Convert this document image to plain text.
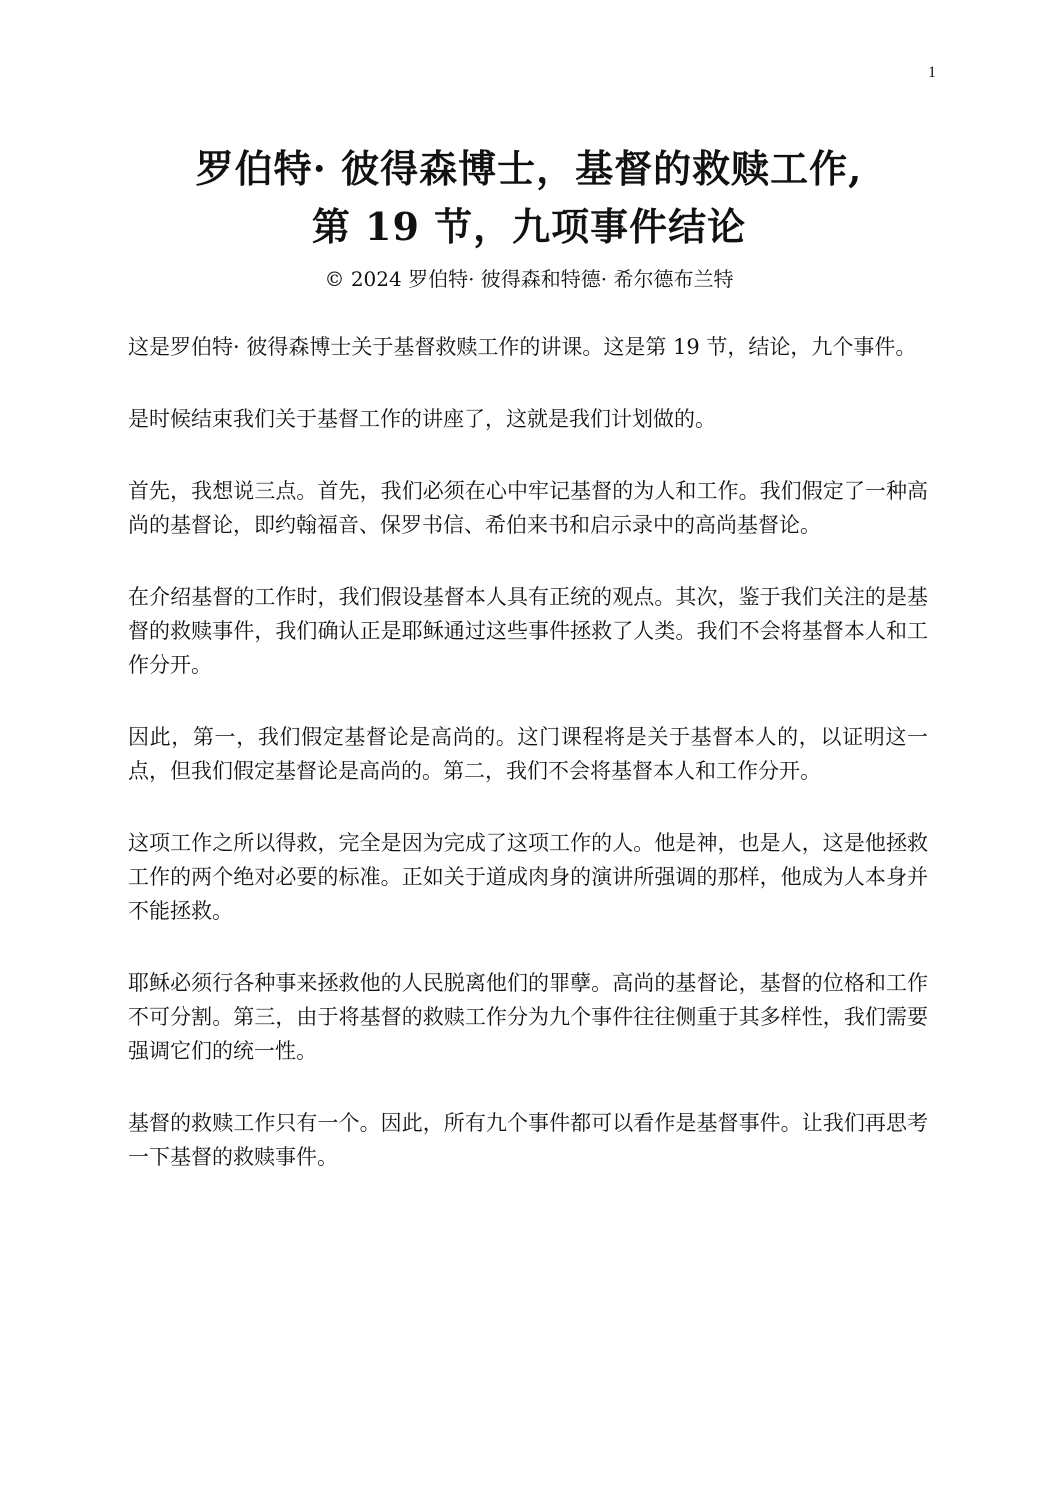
1
罗伯特· 彼得森博士，基督的救赎工作,
第 19 节，九项事件结论
© 2024 罗伯特· 彼得森和特德· 希尔德布兰特

这是罗伯特· 彼得森博士关于基督救赎工作的讲课。这是第 19 节，结论，九个事件。

是时候结束我们关于基督工作的讲座了，这就是我们计划做的。

首先，我想说三点。首先，我们必须在心中牢记基督的为人和工作。我们假定了一种高尚的基督论，即约翰福音、保罗书信、希伯来书和启示录中的高尚基督论。

在介绍基督的工作时，我们假设基督本人具有正统的观点。其次，鉴于我们关注的是基督的救赎事件，我们确认正是耶稣通过这些事件拯救了人类。我们不会将基督本人和工作分开。

因此，第一，我们假定基督论是高尚的。这门课程将是关于基督本人的，以证明这一点，但我们假定基督论是高尚的。第二，我们不会将基督本人和工作分开。

这项工作之所以得救，完全是因为完成了这项工作的人。他是神，也是人，这是他拯救工作的两个绝对必要的标准。正如关于道成肉身的演讲所强调的那样，他成为人本身并不能拯救。

耶稣必须行各种事来拯救他的人民脱离他们的罪孽。高尚的基督论，基督的位格和工作不可分割。第三，由于将基督的救赎工作分为九个事件往往侧重于其多样性，我们需要强调它们的统一性。

基督的救赎工作只有一个。因此，所有九个事件都可以看作是基督事件。让我们再思考一下基督的救赎事件。
